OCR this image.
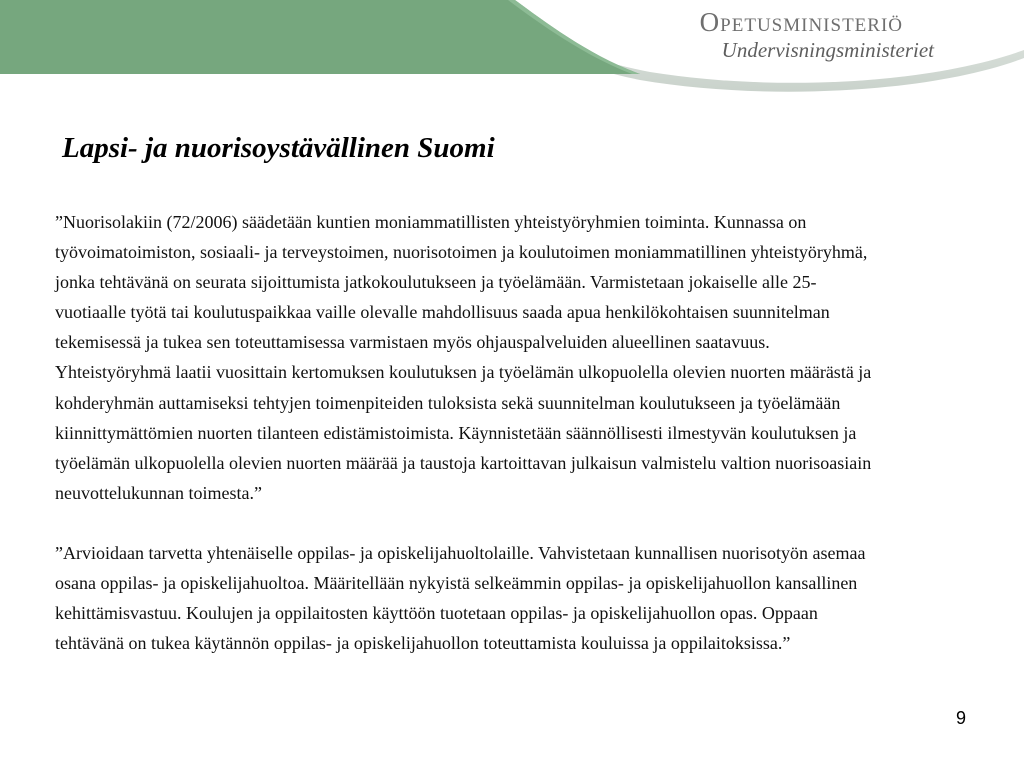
Opetusministeriö
Undervisningsministeriet
Lapsi- ja nuorisoystävällinen Suomi

”Nuorisolakiin (72/2006) säädetään kuntien moniammatillisten yhteistyöryhmien toiminta. Kunnassa on työvoimatoimiston, sosiaali- ja terveystoimen, nuorisotoimen ja koulutoimen moniammatillinen yhteistyöryhmä, jonka tehtävänä on seurata sijoittumista jatkokoulutukseen ja työelämään. Varmistetaan jokaiselle alle 25-vuotiaalle työtä tai koulutuspaikkaa vaille olevalle mahdollisuus saada apua henkilökohtaisen suunnitelman tekemisessä ja tukea sen toteuttamisessa varmistaen myös ohjauspalveluiden alueellinen saatavuus. Yhteistyöryhmä laatii vuosittain kertomuksen koulutuksen ja työelämän ulkopuolella olevien nuorten määrästä ja kohderyhmän auttamiseksi tehtyjen toimenpiteiden tuloksista sekä suunnitelman koulutukseen ja työelämään kiinnittymättömien nuorten tilanteen edistämistoimista. Käynnistetään säännöllisesti ilmestyvän koulutuksen ja työelämän ulkopuolella olevien nuorten määrää ja taustoja kartoittavan julkaisun valmistelu valtion nuorisoasiain neuvottelukunnan toimesta.”

”Arvioidaan tarvetta yhtenäiselle oppilas- ja opiskelijahuoltolaille. Vahvistetaan kunnallisen nuorisotyön asemaa osana oppilas- ja opiskelijahuoltoa. Määritellään nykyistä selkeämmin oppilas- ja opiskelijahuollon kansallinen kehittämisvastuu. Koulujen ja oppilaitosten käyttöön tuotetaan oppilas- ja opiskelijahuollon opas. Oppaan tehtävänä on tukea käytännön oppilas- ja opiskelijahuollon toteuttamista kouluissa ja oppilaitoksissa.”

9
